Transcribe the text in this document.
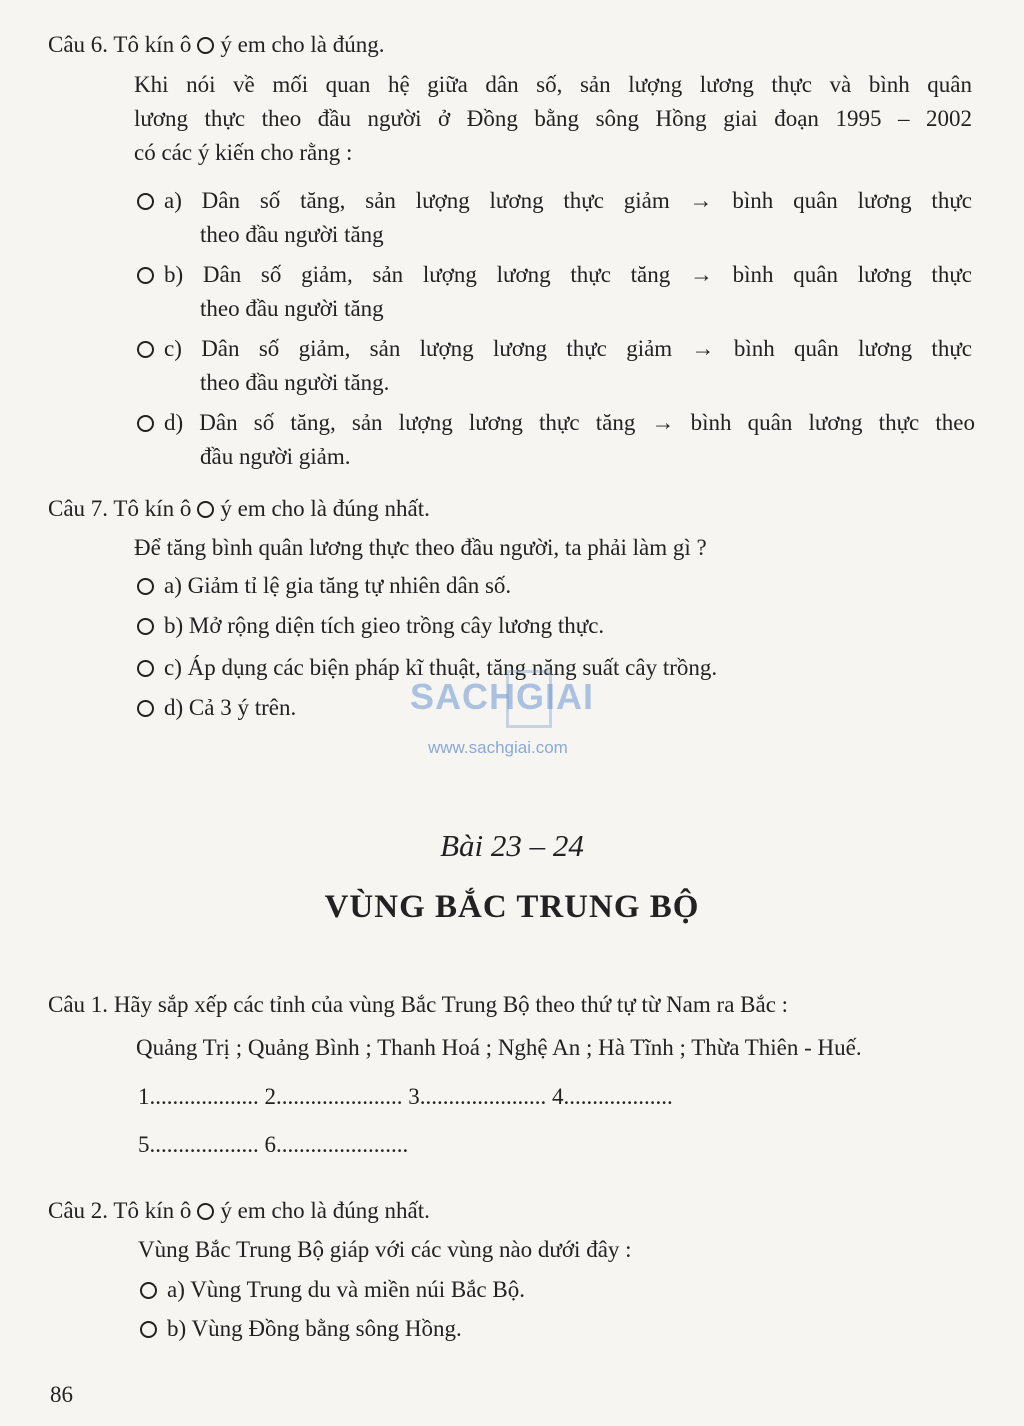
Câu 6. Tô kín ô ý em cho là đúng.
Khi nói về mối quan hệ giữa dân số, sản lượng lương thực và bình quân
lương thực theo đầu người ở Đồng bằng sông Hồng giai đoạn 1995 – 2002
có các ý kiến cho rằng :
a) Dân số tăng, sản lượng lương thực giảm → bình quân lương thực
theo đầu người tăng
b) Dân số giảm, sản lượng lương thực tăng → bình quân lương thực
theo đầu người tăng
c) Dân số giảm, sản lượng lương thực giảm → bình quân lương thực
theo đầu người tăng.
d) Dân số tăng, sản lượng lương thực tăng → bình quân lương thực theo
đầu người giảm.
Câu 7. Tô kín ô ý em cho là đúng nhất.
Để tăng bình quân lương thực theo đầu người, ta phải làm gì ?
a) Giảm tỉ lệ gia tăng tự nhiên dân số.
b) Mở rộng diện tích gieo trồng cây lương thực.
c) Áp dụng các biện pháp kĩ thuật, tăng năng suất cây trồng.
d) Cả 3 ý trên.	SACHGIAI
www.sachgiai.com
Bài 23 – 24
VÙNG BẮC TRUNG BỘ
Câu 1. Hãy sắp xếp các tỉnh của vùng Bắc Trung Bộ theo thứ tự từ Nam ra Bắc :
Quảng Trị ; Quảng Bình ; Thanh Hoá ; Nghệ An ; Hà Tĩnh ; Thừa Thiên - Huế.
1................... 2...................... 3...................... 4...................
5................... 6.......................
Câu 2. Tô kín ô ý em cho là đúng nhất.
Vùng Bắc Trung Bộ giáp với các vùng nào dưới đây :
a) Vùng Trung du và miền núi Bắc Bộ.
b) Vùng Đồng bằng sông Hồng.
86
